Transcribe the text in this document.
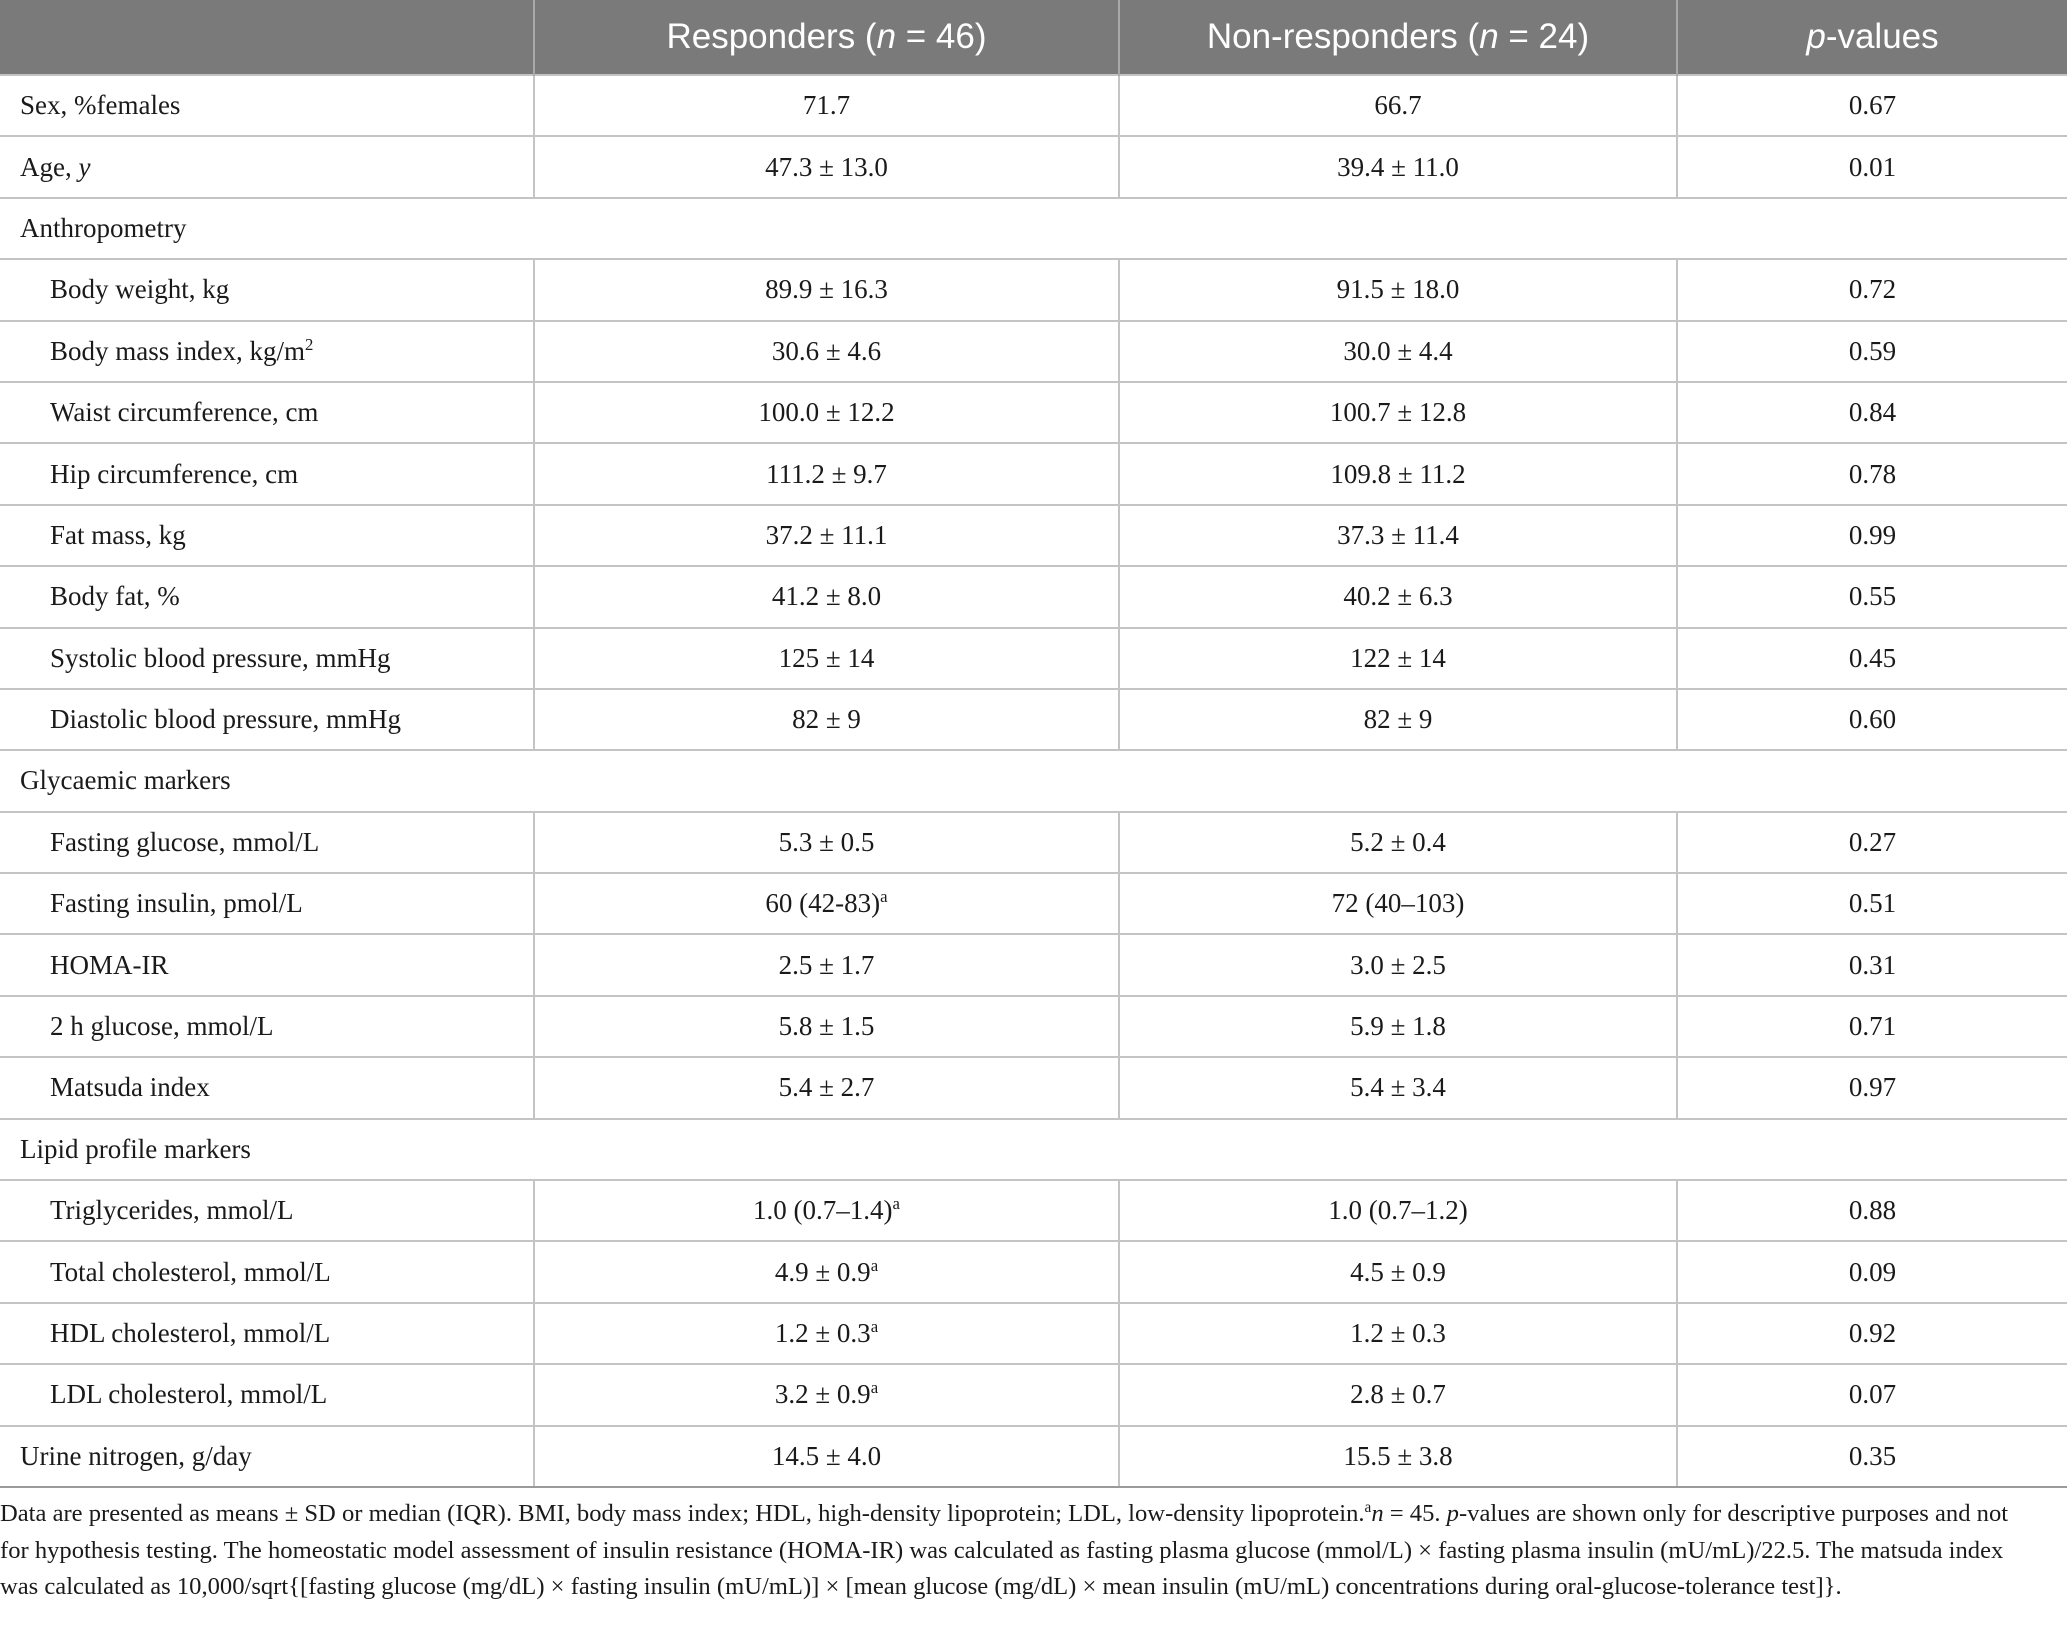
	Responders (n = 46)	Non-responders (n = 24)	p-values
Sex, %females	71.7	66.7	0.67
Age, y	47.3 ± 13.0	39.4 ± 11.0	0.01
Anthropometry			
Body weight, kg	89.9 ± 16.3	91.5 ± 18.0	0.72
Body mass index, $kg/m^2$	30.6 ± 4.6	30.0 ± 4.4	0.59
Waist circumference, cm	100.0 ± 12.2	100.7 ± 12.8	0.84
Hip circumference, cm	111.2 ± 9.7	109.8 ± 11.2	0.78
Fat mass, kg	37.2 ± 11.1	37.3 ± 11.4	0.99
Body fat, %	41.2 ± 8.0	40.2 ± 6.3	0.55
Systolic blood pressure, mmHg	125 ± 14	122 ± 14	0.45
Diastolic blood pressure, mmHg	82 ± 9	82 ± 9	0.60
Glycaemic markers			
Fasting glucose, mmol/L	5.3 ± 0.5	5.2 ± 0.4	0.27
Fasting insulin, pmol/L	60 $(42-83)^a$	72 (40–103)	0.51
HOMA-IR	2.5 ± 1.7	3.0 ± 2.5	0.31
2 h glucose, mmol/L	5.8 ± 1.5	5.9 ± 1.8	0.71
Matsuda index	5.4 ± 2.7	5.4 ± 3.4	0.97
Lipid profile markers			
Triglycerides, mmol/L	1.0 $(0.7-1.4)^a$	1.0 (0.7–1.2)	0.88
Total cholesterol, mmol/L	4.9 ± 0.9$^a$	4.5 ± 0.9	0.09
HDL cholesterol, mmol/L	1.2 ± 0.3$^a$	1.2 ± 0.3	0.92
LDL cholesterol, mmol/L	3.2 ± 0.9$^a$	2.8 ± 0.7	0.07
Urine nitrogen, g/day	14.5 ± 4.0	15.5 ± 3.8	0.35

Data are presented as means ± SD or median (IQR). BMI, body mass index; HDL, high-density lipoprotein; LDL, low-density lipoprotein.$^a$n = 45. p-values are shown only for descriptive purposes and not for hypothesis testing. The homeostatic model assessment of insulin resistance (HOMA-IR) was calculated as fasting plasma glucose (mmol/L) × fasting plasma insulin (mU/mL)/22.5. The matsuda index was calculated as 10,000/sqrt{[fasting glucose (mg/dL) × fasting insulin (mU/mL)] × [mean glucose (mg/dL) × mean insulin (mU/mL) concentrations during oral-glucose-tolerance test]}.
